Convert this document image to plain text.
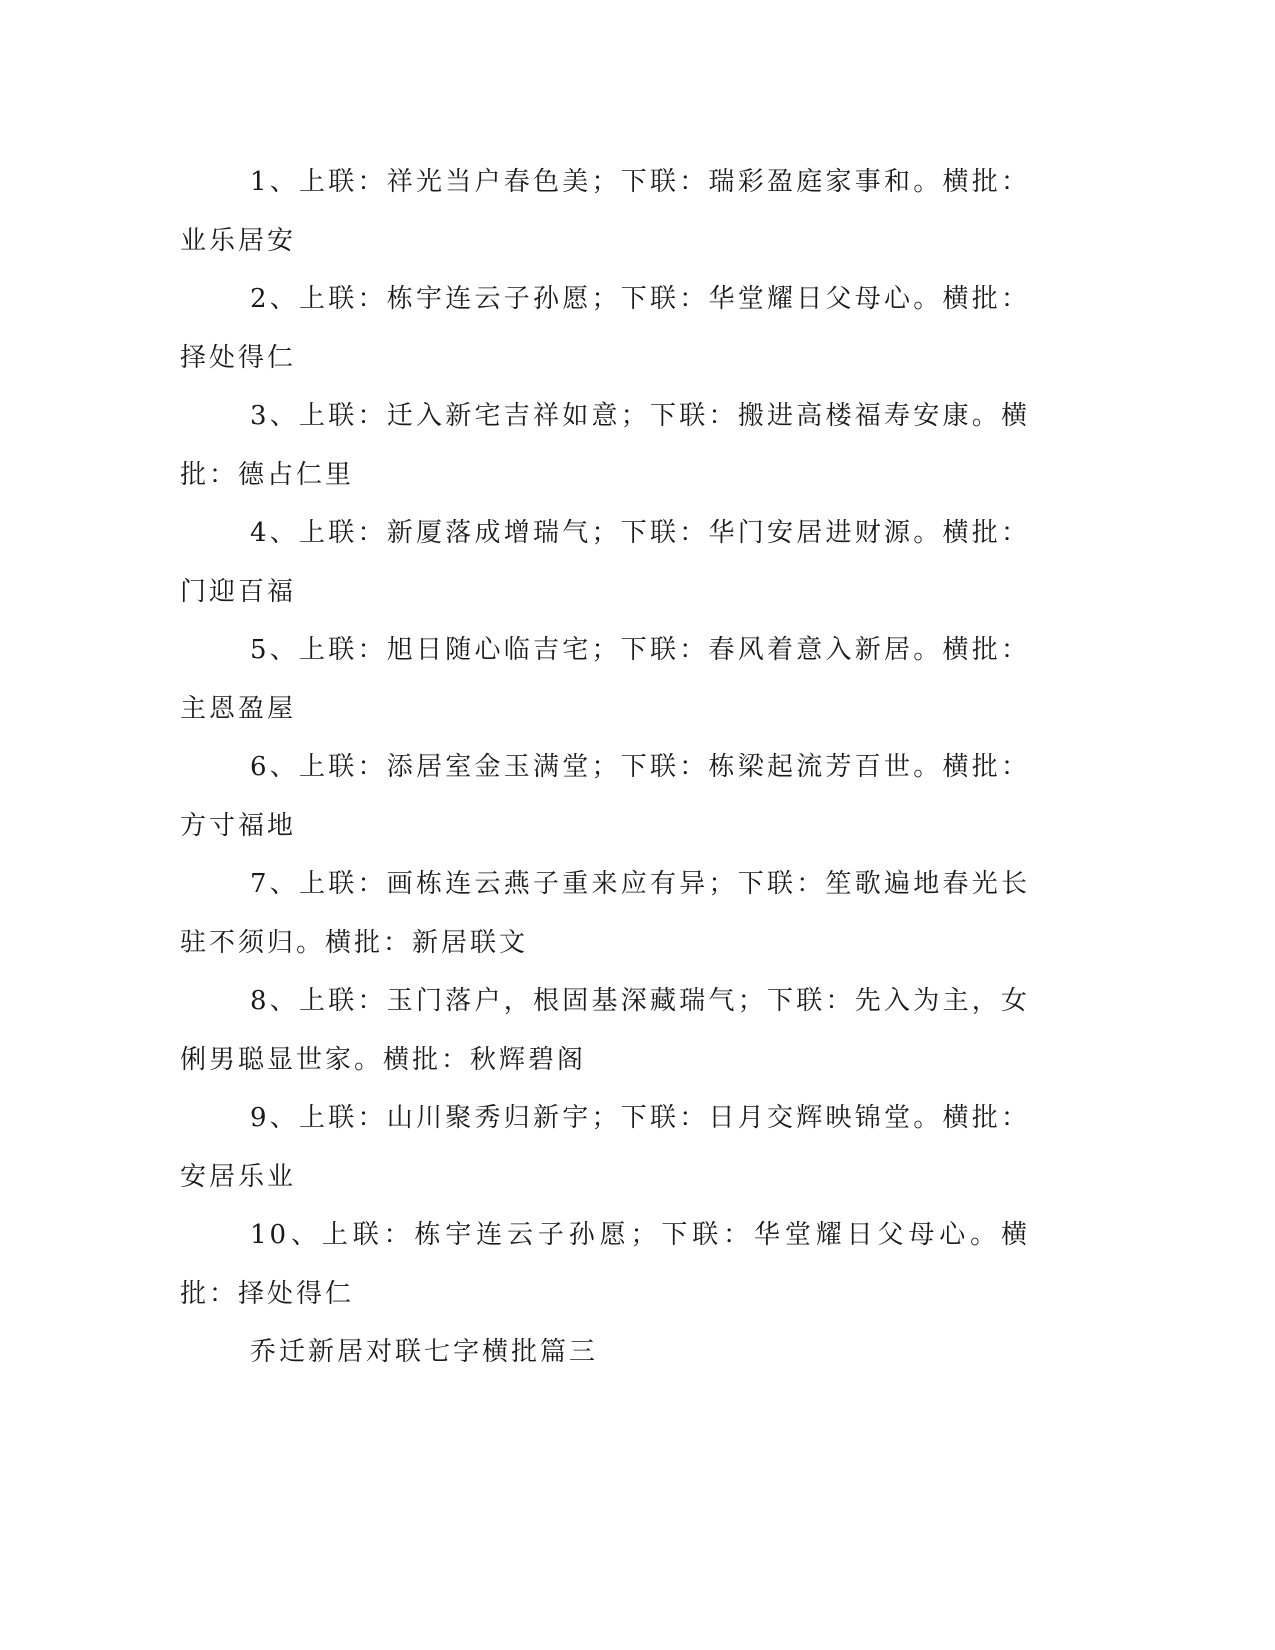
1、上联：祥光当户春色美；下联：瑞彩盈庭家事和。横批：业乐居安

2、上联：栋宇连云子孙愿；下联：华堂耀日父母心。横批：择处得仁

3、上联：迁入新宅吉祥如意；下联：搬进高楼福寿安康。横批：德占仁里

4、上联：新厦落成增瑞气；下联：华门安居进财源。横批：门迎百福

5、上联：旭日随心临吉宅；下联：春风着意入新居。横批：主恩盈屋

6、上联：添居室金玉满堂；下联：栋梁起流芳百世。横批：方寸福地

7、上联：画栋连云燕子重来应有异；下联：笙歌遍地春光长驻不须归。横批：新居联文

8、上联：玉门落户，根固基深藏瑞气；下联：先入为主，女俐男聪显世家。横批：秋辉碧阁

9、上联：山川聚秀归新宇；下联：日月交辉映锦堂。横批：安居乐业

10、上联：栋宇连云子孙愿；下联：华堂耀日父母心。横批：择处得仁

乔迁新居对联七字横批篇三
